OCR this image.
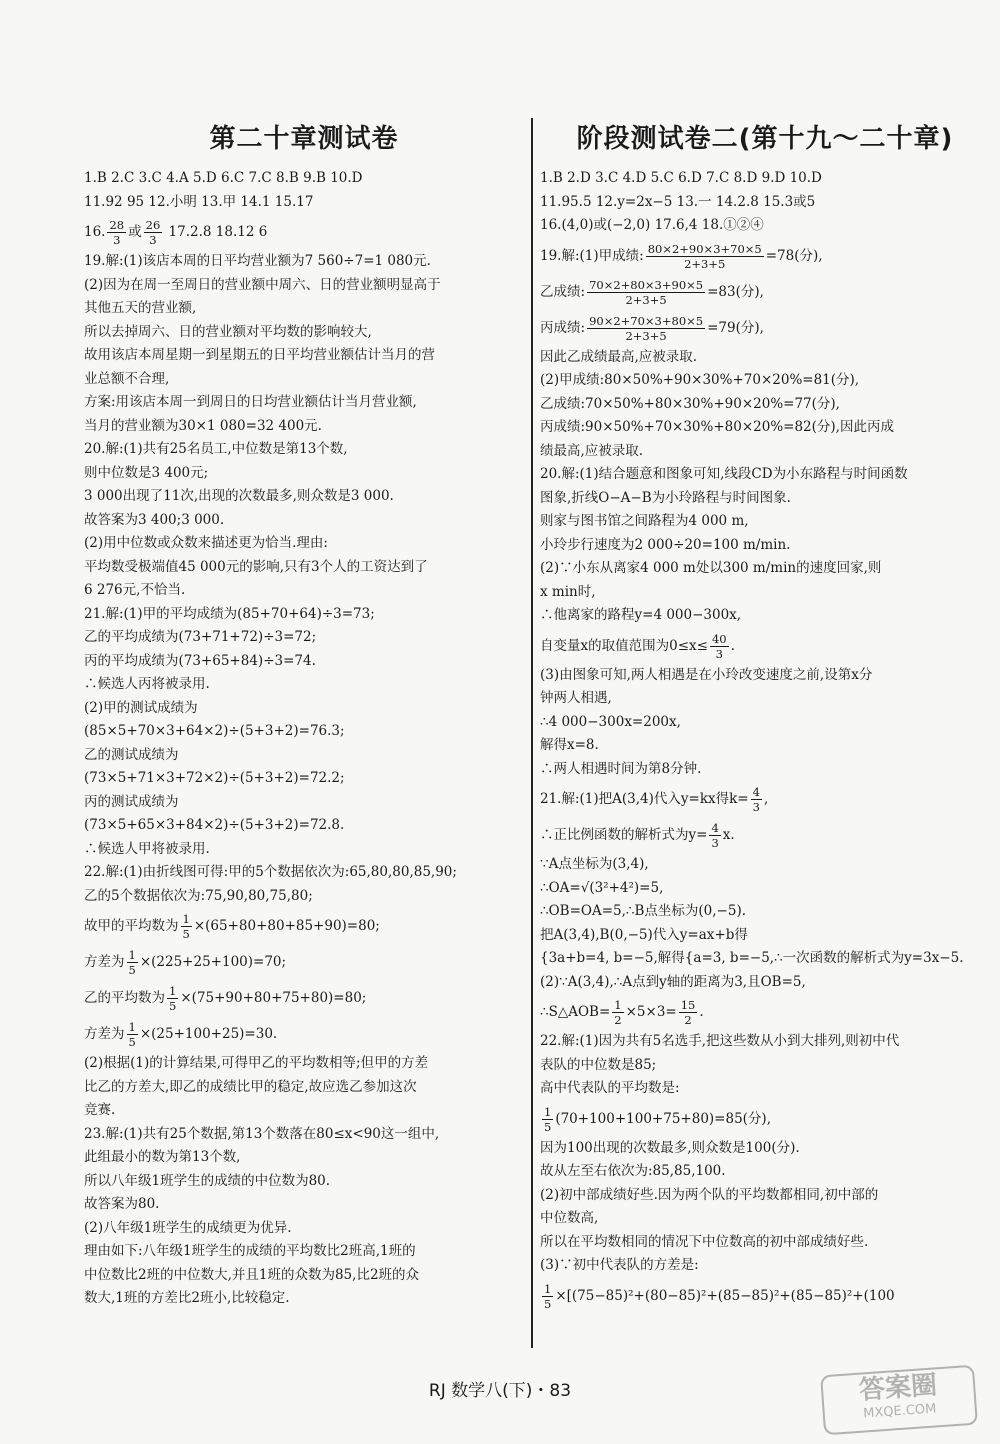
第二十章测试卷
1.B 2.C 3.C 4.A 5.D 6.C 7.C 8.B 9.B 10.D
11.92 95 12.小明 13.甲 14.1 15.17
16. $\frac{28}{3}$ 或 $\frac{26}{3} 17.2.8$ 18.12 6
19.解:(1)该店本周的日平均营业额为7 560÷7=1 080元.
(2)因为在周一至周日的营业额中周六、日的营业额明显高于
其他五天的营业额,
所以去掉周六、日的营业额对平均数的影响较大,
故用该店本周星期一到星期五的日平均营业额估计当月的营
业总额不合理,
方案:用该店本周一到周日的日均营业额估计当月营业额,
当月的营业额为30×1 080=32 400元.
20.解:(1)共有25名员工,中位数是第13个数,
则中位数是3 400元;
3 000出现了11次,出现的次数最多,则众数是3 000.
故答案为3 400;3 000.
(2)用中位数或众数来描述更为恰当.理由:
平均数受极端值45 000元的影响,只有3个人的工资达到了
6 276元,不恰当.
21.解:(1)甲的平均成绩为(85+70+64)÷3=73;
乙的平均成绩为(73+71+72)÷3=72;
丙的平均成绩为(73+65+84)÷3=74.
∴候选人丙将被录用.
(2)甲的测试成绩为
(85×5+70×3+64×2)÷(5+3+2)=76.3;
乙的测试成绩为
(73×5+71×3+72×2)÷(5+3+2)=72.2;
丙的测试成绩为
(73×5+65×3+84×2)÷(5+3+2)=72.8.
∴候选人甲将被录用.
22.解:(1)由折线图可得:甲的5个数据依次为:65,80,80,85,90;
乙的5个数据依次为:75,90,80,75,80;
故甲的平均数为 $\frac{1}{5} \times(65+80+80+85+90)=80$;
方差为 $\frac{1}{5} \times(225+25+100)=70$;
乙的平均数为 $\frac{1}{5} \times(75+90+80+75+80)=80$;
方差为 $\frac{1}{5} \times(25+100+25)=30$.
(2)根据(1)的计算结果,可得甲乙的平均数相等;但甲的方差
比乙的方差大,即乙的成绩比甲的稳定,故应选乙参加这次
竞赛.
23.解:(1)共有25个数据,第13个数落在80≤x<90这一组中,
此组最小的数为第13个数,
所以八年级1班学生的成绩的中位数为80.
故答案为80.
(2)八年级1班学生的成绩更为优异.
理由如下:八年级1班学生的成绩的平均数比2班高,1班的
中位数比2班的中位数大,并且1班的众数为85,比2班的众
数大,1班的方差比2班小,比较稳定.
阶段测试卷二(第十九～二十章)
1.B 2.D 3.C 4.D 5.C 6.D 7.C 8.D 9.D 10.D
11.95.5 12.y=2x−5 13.一 14.2.8 15.3或5
16.(4,0)或(−2,0) 17.6,4 18.①②④
19.解:(1)甲成绩: $\frac{80\times 2+90\times 3+70\times 5}{2+3+5} =78$(分),
乙成绩: $\frac{70\times 2+80\times 3+90\times 5}{2+3+5} =83$(分),
丙成绩: $\frac{90\times 2+70\times 3+80\times 5}{2+3+5} =79$(分),
因此乙成绩最高,应被录取.
(2)甲成绩:80×50%+90×30%+70×20%=81(分),
乙成绩:70×50%+80×30%+90×20%=77(分),
丙成绩:90×50%+70×30%+80×20%=82(分),因此丙成
绩最高,应被录取.
20.解:(1)结合题意和图象可知,线段CD为小东路程与时间函数
图象,折线O−A−B为小玲路程与时间图象.
则家与图书馆之间路程为4 000 m,
小玲步行速度为2 000÷20=100 m/min.
(2)∵小东从离家4 000 m处以300 m/min的速度回家,则
x min时,
∴他离家的路程y=4 000−300x,
自变量x的取值范围为$0\le x\le \frac{40}{3}$ .
(3)由图象可知,两人相遇是在小玲改变速度之前,设第x分
钟两人相遇,
∴4 000−300x=200x,
解得x=8.
∴两人相遇时间为第8分钟.
21.解:(1)把A(3,4)代入y=kx得$k= \frac{4}{3}$ ,
∴正比例函数的解析式为$y= \frac{4}{3} x$.
∵A点坐标为(3,4),
∴OA=√(3²+4²)=5,
∴OB=OA=5,∴B点坐标为(0,−5).
把A(3,4),B(0,−5)代入y=ax+b得
{3a+b=4, b=−5,解得{a=3, b=−5,∴一次函数的解析式为y=3x−5.
(2)∵A(3,4),∴A点到y轴的距离为3,且OB=5,
∴S△AOB= $\frac{1}{2} \times 5\times 3= \frac{15}{2}$ .
22.解:(1)因为共有5名选手,把这些数从小到大排列,则初中代
表队的中位数是85;
高中代表队的平均数是:
$\frac{1}{5} (70+100+100+75+80)=85$(分),
因为100出现的次数最多,则众数是100(分).
故从左至右依次为:85,85,100.
(2)初中部成绩好些.因为两个队的平均数都相同,初中部的
中位数高,
所以在平均数相同的情况下中位数高的初中部成绩好些.
(3)∵初中代表队的方差是:
$\frac{1}{5} \times[(75-85)^2+(80-85)^2+(85-85)^2+(85-85)^2+(100$
RJ 数学八(下)・83	答案圈
MXQE.COM
